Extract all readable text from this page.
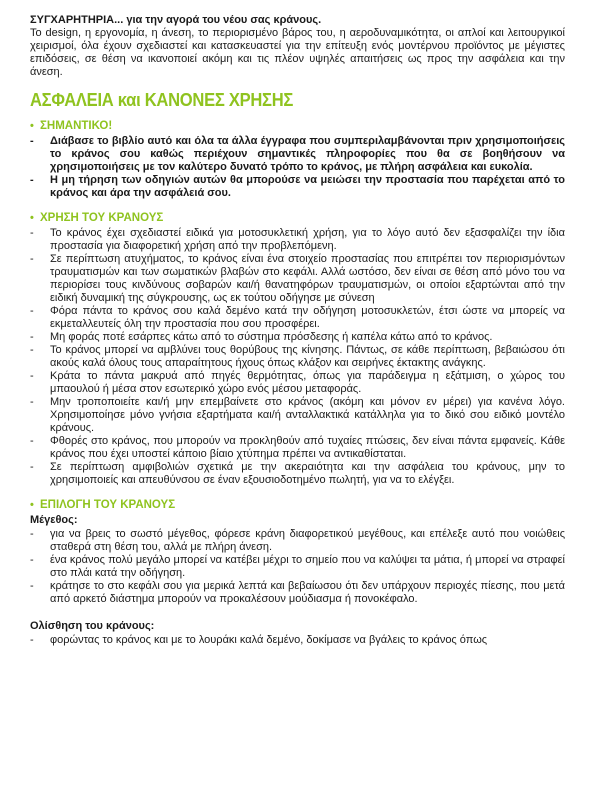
ΣΥΓΧΑΡΗΤΗΡΙΑ... για την αγορά του νέου σας κράνους.

Το design, η εργονομία, η άνεση, το περιορισμένο βάρος του, η αεροδυναμικότητα, οι απλοί και λειτουργικοί χειρισμοί, όλα έχουν σχεδιαστεί και κατασκευαστεί για την επίτευξη ενός μοντέρνου προϊόντος με μέγιστες επιδόσεις, σε θέση να ικανοποιεί ακόμη και τις πλέον υψηλές απαιτήσεις ως προς την ασφάλεια και την άνεση.

ΑΣΦΑΛΕΙΑ και ΚΑΝΟΝΕΣ ΧΡΗΣΗΣ
• ΣΗΜΑΝΤΙΚΟ!
-	Διάβασε το βιβλίο αυτό και όλα τα άλλα έγγραφα που συμπεριλαμβάνονται πριν χρησιμοποιήσεις το κράνος σου καθώς περιέχουν σημαντικές πληροφορίες που θα σε βοηθήσουν να χρησιμοποιήσεις με τον καλύτερο δυνατό τρόπο το κράνος, με πλήρη ασφάλεια και ευκολία.
-	Η μη τήρηση των οδηγιών αυτών θα μπορούσε να μειώσει την προστασία που παρέχεται από το κράνος και άρα την ασφάλειά σου.
• ΧΡΗΣΗ ΤΟΥ ΚΡΑΝΟΥΣ
-	Το κράνος έχει σχεδιαστεί ειδικά για μοτοσυκλετική χρήση, για το λόγο αυτό δεν εξασφαλίζει την ίδια προστασία για διαφορετική χρήση από την προβλεπόμενη.
-	Σε περίπτωση ατυχήματος, το κράνος είναι ένα στοιχείο προστασίας που επιτρέπει τον περιορισμόντων τραυματισμών και των σωματικών βλαβών στο κεφάλι. Αλλά ωστόσο, δεν είναι σε θέση από μόνο του να περιορίσει τους κινδύνους σοβαρών και/ή θανατηφόρων τραυματισμών, οι οποίοι εξαρτώνται από την ειδική δυναμική της σύγκρουσης, ως εκ τούτου οδήγησε με σύνεση
-	Φόρα πάντα το κράνος σου καλά δεμένο κατά την οδήγηση μοτοσυκλετών, έτσι ώστε να μπορείς να εκμεταλλευτείς όλη την προστασία που σου προσφέρει.
-	Μη φοράς ποτέ εσάρπες κάτω από το σύστημα πρόσδεσης ή καπέλα κάτω από το κράνος.
-	Το κράνος μπορεί να αμβλύνει τους θορύβους της κίνησης. Πάντως, σε κάθε περίπτωση, βεβαιώσου ότι ακούς καλά όλους τους απαραίτητους ήχους όπως κλάξον και σειρήνες έκτακτης ανάγκης.
-	Κράτα το πάντα μακρυά από πηγές θερμότητας, όπως για παράδειγμα η εξάτμιση, ο χώρος του μπαουλού ή μέσα στον εσωτερικό χώρο ενός μέσου μεταφοράς.
-	Μην τροποποιείτε και/ή μην επεμβαίνετε στο κράνος (ακόμη και μόνον εν μέρει) για κανένα λόγο. Χρησιμοποίησε μόνο γνήσια εξαρτήματα και/ή ανταλλακτικά κατάλληλα για το δικό σου ειδικό μοντέλο κράνους.
-	Φθορές στο κράνος, που μπορούν να προκληθούν από τυχαίες πτώσεις, δεν είναι πάντα εμφανείς. Κάθε κράνος που έχει υποστεί κάποιο βίαιο χτύπημα πρέπει να αντικαθίσταται.
-	Σε περίπτωση αμφιβολιών σχετικά με την ακεραιότητα και την ασφάλεια του κράνους, μην το χρησιμοποιείς και απευθύνσου σε έναν εξουσιοδοτημένο πωλητή, για να το ελέγξει.
• ΕΠΙΛΟΓΗ ΤΟΥ ΚΡΑΝΟΥΣ
Μέγεθος:
-	για να βρεις το σωστό μέγεθος, φόρεσε κράνη διαφορετικού μεγέθους, και επέλεξε αυτό που νοιώθεις σταθερά στη θέση του, αλλά με πλήρη άνεση.
-	ένα κράνος πολύ μεγάλο μπορεί να κατέβει μέχρι το σημείο που να καλύψει τα μάτια, ή μπορεί να στραφεί στο πλάι κατά την οδήγηση.
-	κράτησε το στο κεφάλι σου για μερικά λεπτά και βεβαίωσου ότι δεν υπάρχουν περιοχές πίεσης, που μετά από αρκετό διάστημα μπορούν να προκαλέσουν μούδιασμα ή πονοκέφαλο.
Ολίσθηση του κράνους:
-	φορώντας το κράνος και με το λουράκι καλά δεμένο, δοκίμασε να βγάλεις το κράνος όπως
